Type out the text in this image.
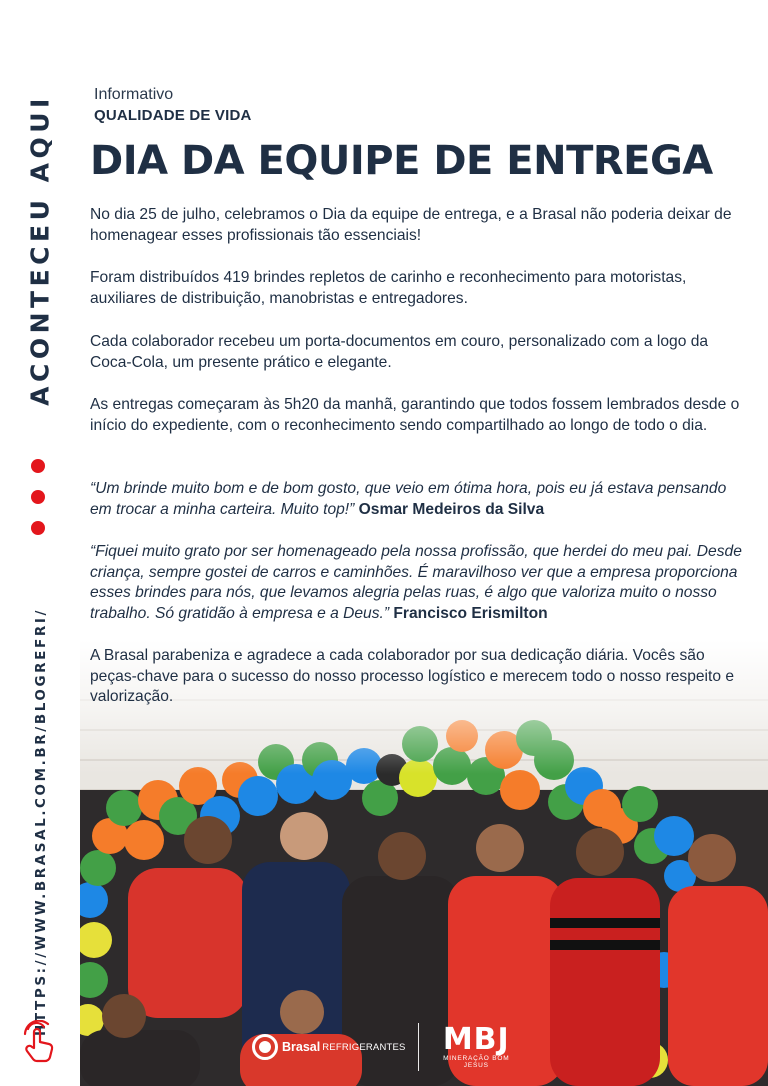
ACONTECEU AQUI
HTTPS://WWW.BRASAL.COM.BR/BLOGREFRI/
Informativo
QUALIDADE DE VIDA
DIA DA EQUIPE DE ENTREGA

No dia 25 de julho, celebramos o Dia da equipe de entrega, e a Brasal não poderia deixar de homenagear esses profissionais tão essenciais!

Foram distribuídos 419 brindes repletos de carinho e reconhecimento para motoristas, auxiliares de distribuição, manobristas e entregadores.

Cada colaborador recebeu um porta-documentos em couro, personalizado com a logo da Coca-Cola, um presente prático e elegante.

As entregas começaram às 5h20 da manhã, garantindo que todos fossem lembrados desde o início do expediente, com o reconhecimento sendo compartilhado ao longo de todo o dia.

“Um brinde muito bom e de bom gosto, que veio em ótima hora, pois eu já estava pensando em trocar a minha carteira. Muito top!” Osmar Medeiros da Silva

“Fiquei muito grato por ser homenageado pela nossa profissão, que herdei do meu pai. Desde criança, sempre gostei de carros e caminhões. É maravilhoso ver que a empresa proporciona esses brindes para nós, que levamos alegria pelas ruas, é algo que valoriza muito o nosso trabalho. Só gratidão à empresa e a Deus.” Francisco Erismilton

A Brasal parabeniza e agradece a cada colaborador por sua dedicação diária. Vocês são peças-chave para o sucesso do nosso processo logístico e merecem todo o nosso respeito e valorização.

Brasal REFRIGERANTES	MBJ
MINERAÇÃO BOM JESUS
